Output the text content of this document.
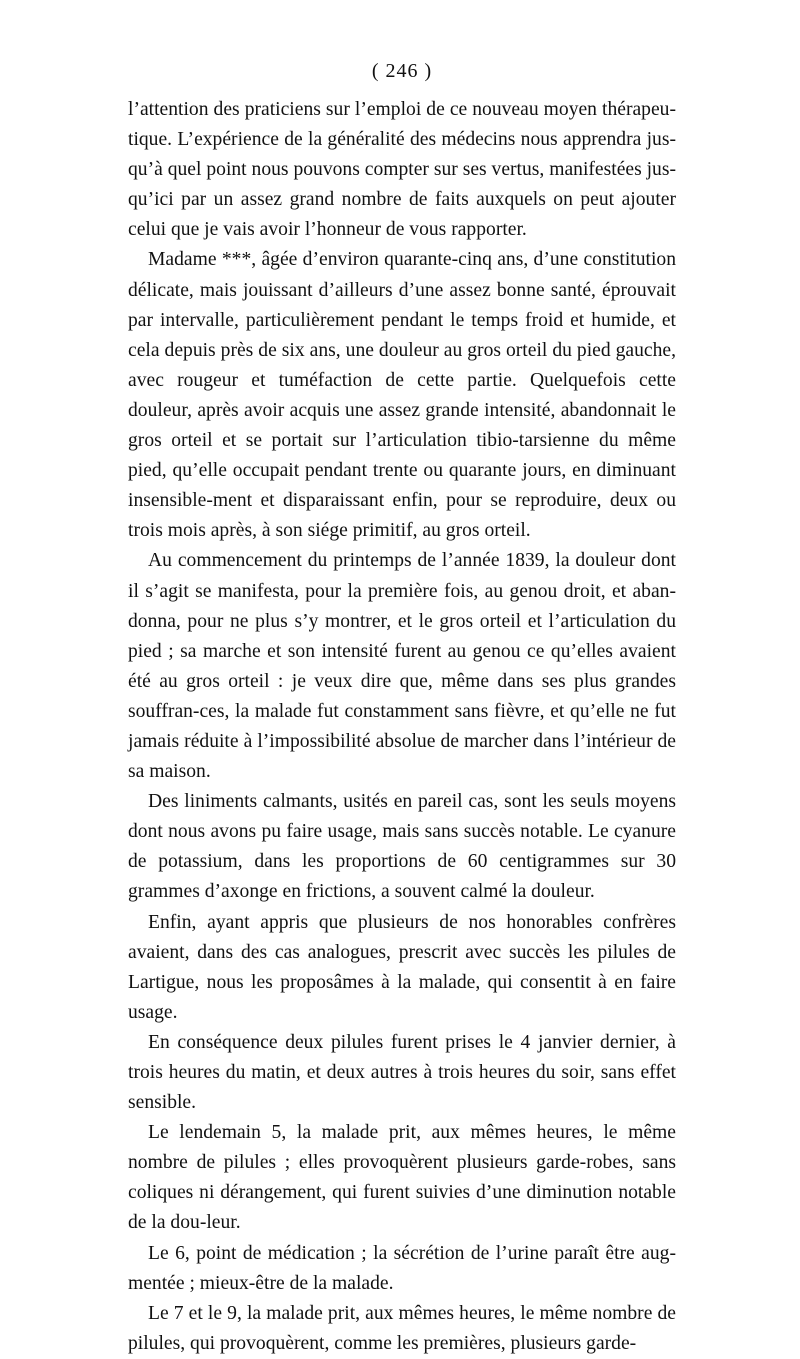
( 246 )

l’attention des praticiens sur l’emploi de ce nouveau moyen thérapeu-tique. L’expérience de la généralité des médecins nous apprendra jus-qu’à quel point nous pouvons compter sur ses vertus, manifestées jus-qu’ici par un assez grand nombre de faits auxquels on peut ajouter celui que je vais avoir l’honneur de vous rapporter.

Madame ***, âgée d’environ quarante-cinq ans, d’une constitution délicate, mais jouissant d’ailleurs d’une assez bonne santé, éprouvait par intervalle, particulièrement pendant le temps froid et humide, et cela depuis près de six ans, une douleur au gros orteil du pied gauche, avec rougeur et tuméfaction de cette partie. Quelquefois cette douleur, après avoir acquis une assez grande intensité, abandonnait le gros orteil et se portait sur l’articulation tibio-tarsienne du même pied, qu’elle occupait pendant trente ou quarante jours, en diminuant insensible-ment et disparaissant enfin, pour se reproduire, deux ou trois mois après, à son siége primitif, au gros orteil.

Au commencement du printemps de l’année 1839, la douleur dont il s’agit se manifesta, pour la première fois, au genou droit, et aban-donna, pour ne plus s’y montrer, et le gros orteil et l’articulation du pied ; sa marche et son intensité furent au genou ce qu’elles avaient été au gros orteil : je veux dire que, même dans ses plus grandes souffran-ces, la malade fut constamment sans fièvre, et qu’elle ne fut jamais réduite à l’impossibilité absolue de marcher dans l’intérieur de sa maison.

Des liniments calmants, usités en pareil cas, sont les seuls moyens dont nous avons pu faire usage, mais sans succès notable. Le cyanure de potassium, dans les proportions de 60 centigrammes sur 30 grammes d’axonge en frictions, a souvent calmé la douleur.

Enfin, ayant appris que plusieurs de nos honorables confrères avaient, dans des cas analogues, prescrit avec succès les pilules de Lartigue, nous les proposâmes à la malade, qui consentit à en faire usage.

En conséquence deux pilules furent prises le 4 janvier dernier, à trois heures du matin, et deux autres à trois heures du soir, sans effet sensible.

Le lendemain 5, la malade prit, aux mêmes heures, le même nombre de pilules ; elles provoquèrent plusieurs garde-robes, sans coliques ni dérangement, qui furent suivies d’une diminution notable de la dou-leur.

Le 6, point de médication ; la sécrétion de l’urine paraît être aug-mentée ; mieux-être de la malade.

Le 7 et le 9, la malade prit, aux mêmes heures, le même nombre de pilules, qui provoquèrent, comme les premières, plusieurs garde-
